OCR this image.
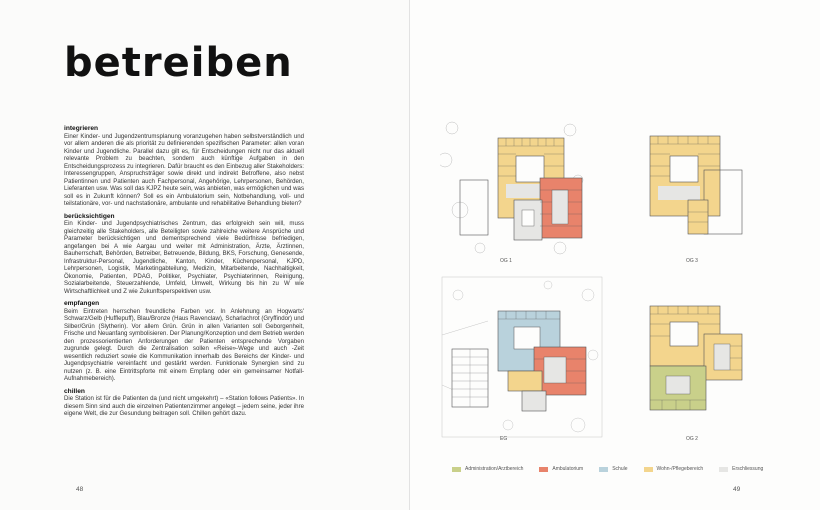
betreiben
integrieren

Einer Kinder- und Jugendzentrumsplanung voranzugehen haben selbstverständlich und vor allem anderen die als priorität zu definierenden spezifischen Parameter: allen voran Kinder und Jugendliche. Parallel dazu gilt es, für Entscheidungen nicht nur das aktuell relevante Problem zu beachten, sondern auch künftige Aufgaben in den Entscheidungsprozess zu integrieren. Dafür braucht es den Einbezug aller Stakeholders: Interessengruppen, Anspruchsträger sowie direkt und indirekt Betroffene, also nebst Patientinnen und Patienten auch Fachpersonal, Angehörige, Lehrpersonen, Behörden, Lieferanten usw. Was soll das KJPZ heute sein, was anbieten, was ermöglichen und was soll es in Zukunft können? Soll es ein Ambulatorium sein, Notbehandlung, voll- und teilstationäre, vor- und nachstationäre, ambulante und rehabilitative Behandlung bieten?

berücksichtigen

Ein Kinder- und Jugendpsychiatrisches Zentrum, das erfolgreich sein will, muss gleichzeitig alle Stakeholders, alle Beteiligten sowie zahlreiche weitere Ansprüche und Parameter berücksichtigen und dementsprechend viele Bedürfnisse befriedigen, angefangen bei A wie Aargau und weiter mit Administration, Ärzte, Ärztinnen, Bauherrschaft, Behörden, Betreiber, Betreuende, Bildung, BKS, Forschung, Genesende, Infrastruktur-Personal, Jugendliche, Kanton, Kinder, Küchenpersonal, KJPD, Lehrpersonen, Logistik, Marketingabteilung, Medizin, Mitarbeitende, Nachhaltigkeit, Ökonomie, Patienten, PDAG, Politiker, Psychiater, Psychiaterinnen, Reinigung, Sozialarbeitende, Steuerzahlende, Umfeld, Umwelt, Wirkung bis hin zu W wie Wirtschaftlichkeit und Z wie Zukunftsperspektiven usw.

empfangen

Beim Eintreten herrschen freundliche Farben vor. In Anlehnung an Hogwarts' Schwarz/Gelb (Hufflepuff), Blau/Bronze (Haus Ravenclaw), Scharlachrot (Gryffindor) und Silber/Grün (Slytherin). Vor allem Grün. Grün in allen Varianten soll Geborgenheit, Frische und Neuanfang symbolisieren. Der Planung/Konzeption und dem Betrieb werden den prozessorientierten Anforderungen der Patienten entsprechende Vorgaben zugrunde gelegt. Durch die Zentralisation sollen «Reise»-Wege und auch -Zeit wesentlich reduziert sowie die Kommunikation innerhalb des Bereichs der Kinder- und Jugendpsychiatrie vereinfacht und gestärkt werden. Funktionale Synergien sind zu nutzen (z. B. eine Eintrittspforte mit einem Empfang oder ein gemeinsamer Notfall-Aufnahmebereich).

chillen

Die Station ist für die Patienten da (und nicht umgekehrt) – «Station follows Patients». In diesem Sinn sind auch die einzelnen Patientenzimmer angelegt – jedem seine, jeder ihre eigene Welt, die zur Gesundung beitragen soll. Chillen gehört dazu.

48
OG 1	OG 3
EG	OG 2
49
Administration/Arztbereich	Ambulatorium	Schule	Wohn-/Pflegebereich	Erschliessung
